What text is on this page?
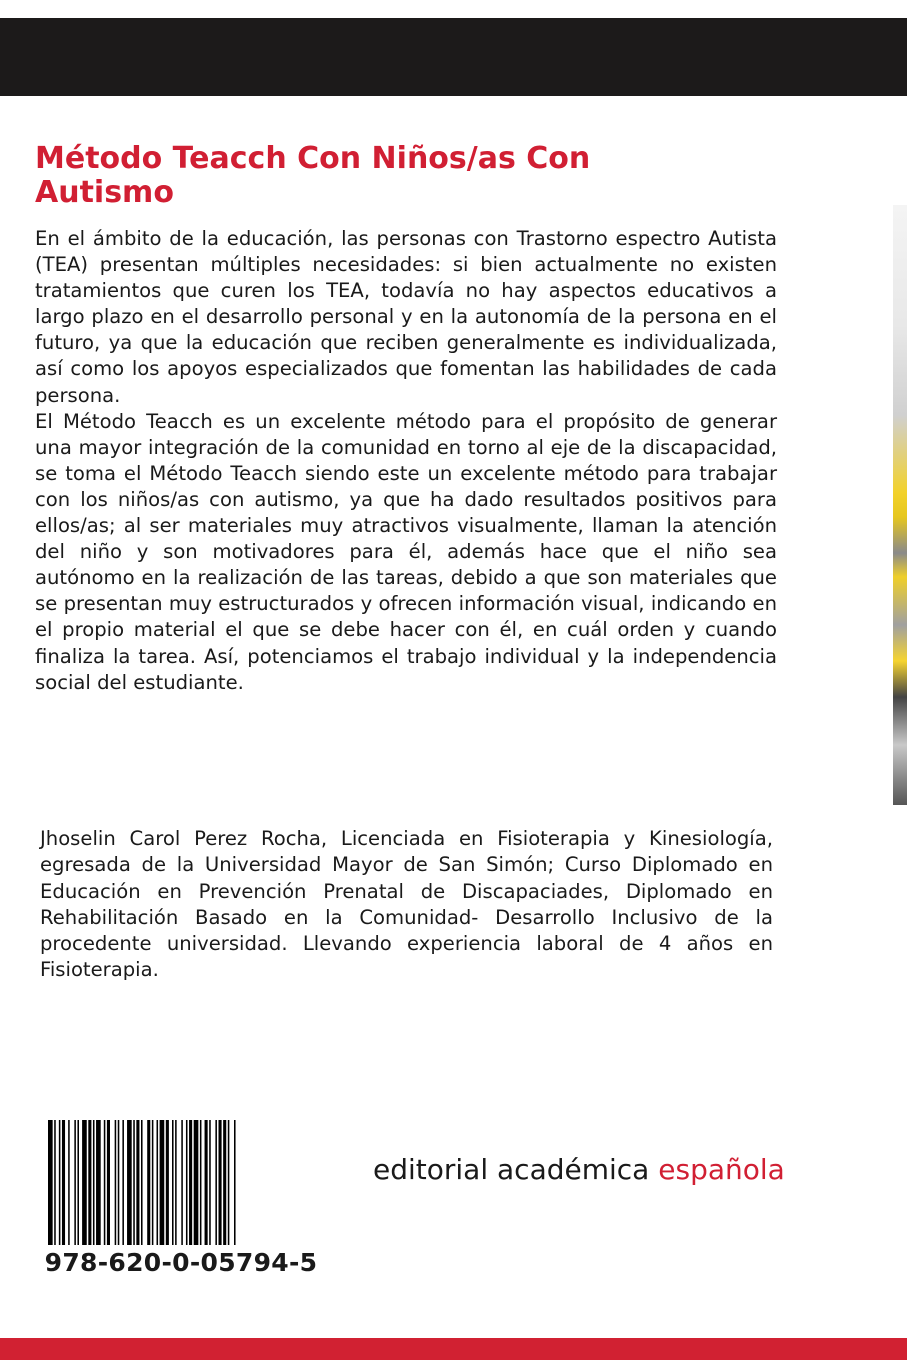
Método Teacch Con Niños/as Con Autismo

En el ámbito de la educación, las personas con Trastorno espectro Autista (TEA) presentan múltiples necesidades: si bien actualmente no existen tratamientos que curen los TEA, todavía no hay aspectos educativos a largo plazo en el desarrollo personal y en la autonomía de la persona en el futuro, ya que la educación que reciben generalmente es individualizada, así como los apoyos especializados que fomentan las habilidades de cada persona.

El Método Teacch es un excelente método para el propósito de generar una mayor integración de la comunidad en torno al eje de la discapacidad, se toma el Método Teacch siendo este un excelente método para trabajar con los niños/as con autismo, ya que ha dado resultados positivos para ellos/as; al ser materiales muy atractivos visualmente, llaman la atención del niño y son motivadores para él, además hace que el niño sea autónomo en la realización de las tareas, debido a que son materiales que se presentan muy estructurados y ofrecen información visual, indicando en el propio material el que se debe hacer con él, en cuál orden y cuando finaliza la tarea. Así, potenciamos el trabajo individual y la independencia social del estudiante.

Jhoselin Carol Perez Rocha, Licenciada en Fisioterapia y Kinesiología, egresada de la Universidad Mayor de San Simón; Curso Diplomado en Educación en Prevención Prenatal de Discapaciades, Diplomado en Rehabilitación Basado en la Comunidad- Desarrollo Inclusivo de la procedente universidad. Llevando experiencia laboral de 4 años en Fisioterapia.

978-620-0-05794-5
editorial académica española
